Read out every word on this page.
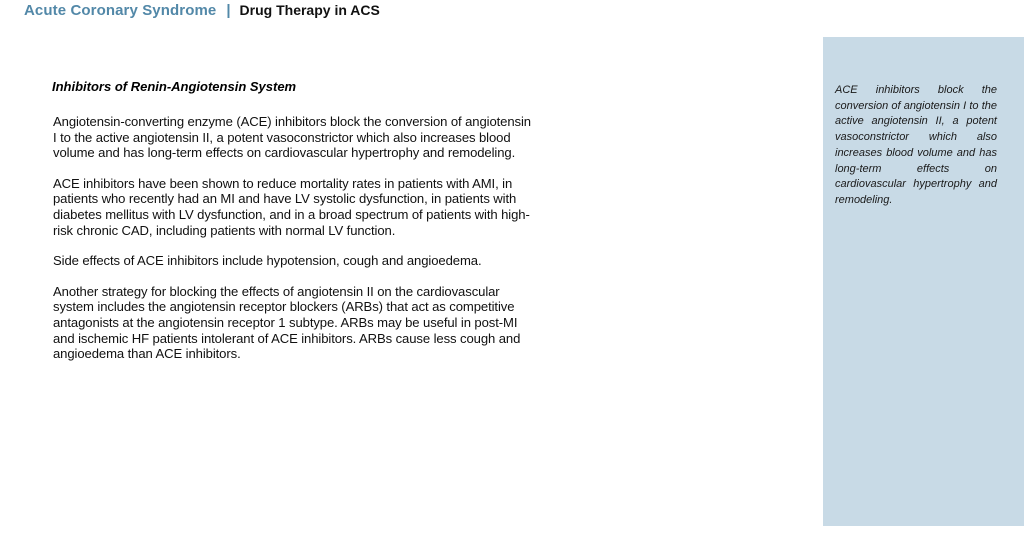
Acute Coronary Syndrome | Drug Therapy in ACS
Inhibitors of Renin-Angiotensin System

Angiotensin-converting enzyme (ACE) inhibitors block the conversion of angiotensin I to the active angiotensin II, a potent vasoconstrictor which also increases blood volume and has long-term effects on cardiovascular hypertrophy and remodeling.

ACE inhibitors have been shown to reduce mortality rates in patients with AMI, in patients who recently had an MI and have LV systolic dysfunction, in patients with diabetes mellitus with LV dysfunction, and in a broad spectrum of patients with high-risk chronic CAD, including patients with normal LV function.

Side effects of ACE inhibitors include hypotension, cough and angioedema.

Another strategy for blocking the effects of angiotensin II on the cardiovascular system includes the angiotensin receptor blockers (ARBs) that act as competitive antagonists at the angiotensin receptor 1 subtype. ARBs may be useful in post-MI and ischemic HF patients intolerant of ACE inhibitors. ARBs cause less cough and angioedema than ACE inhibitors.

ACE inhibitors block the conversion of angiotensin I to the active angiotensin II, a potent vasoconstrictor which also increases blood volume and has long-term effects on cardiovascular hypertrophy and remodeling.
